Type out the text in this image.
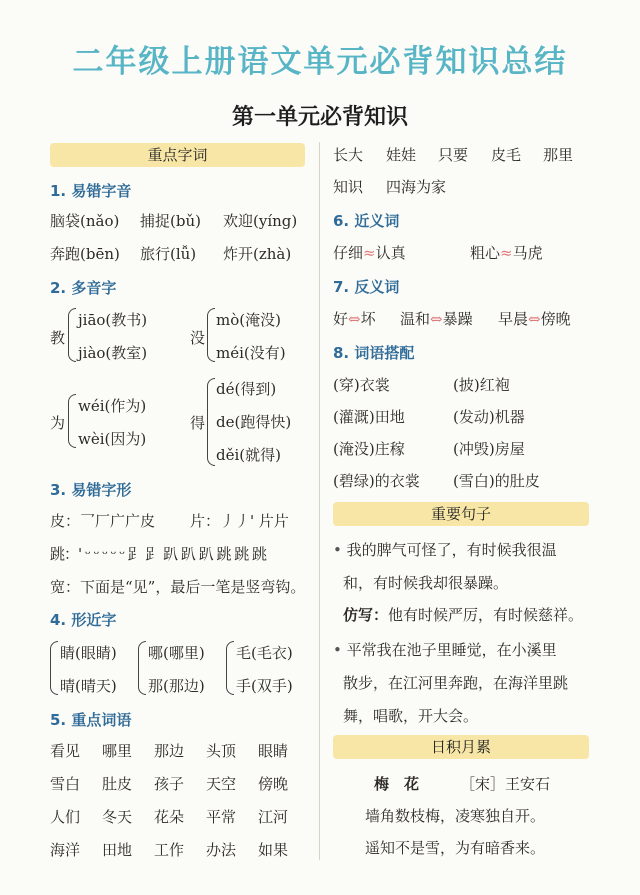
二年级上册语文单元必背知识总结
第一单元必背知识
重点字词
1. 易错字音
脑袋(nǎo) 捕捉(bǔ) 欢迎(yíng)
奔跑(bēn) 旅行(lǚ) 炸开(zhà)
2. 多音字
教
jiāo(教书)
jiào(教室)
没
mò(淹没)
méi(没有)
为
wéi(作为)
wèi(因为)
得
dé(得到)
de(跑得快)
děi(就得)
3. 易错字形
皮：乛厂广广皮 片：丿丿' 片片
跳：' ᵕ ᵕ ᵕ ᵕ ᵕ 𧾷 𧾷 趴 趴 趴 跳 跳 跳
宽：下面是“见”，最后一笔是竖弯钩。
4. 形近字
睛(眼睛)
晴(晴天)
哪(哪里)
那(那边)
毛(毛衣)
手(双手)
5. 重点词语
看见 哪里 那边 头顶 眼睛
雪白 肚皮 孩子 天空 傍晚
人们 冬天 花朵 平常 江河
海洋 田地 工作 办法 如果
长大 娃娃 只要 皮毛 那里
知识 四海为家
6. 近义词
仔细≈认真	粗心≈马虎
7. 反义词
好⇔坏 温和⇔暴躁 早晨⇔傍晚
8. 词语搭配
(穿)衣裳	(披)红袍
(灌溉)田地	(发动)机器
(淹没)庄稼	(冲毁)房屋
(碧绿)的衣裳 (雪白)的肚皮
重要句子
• 我的脾气可怪了，有时候我很温
和，有时候我却很暴躁。
仿写：他有时候严厉，有时候慈祥。
• 平常我在池子里睡觉，在小溪里
散步，在江河里奔跑，在海洋里跳
舞，唱歌，开大会。
日积月累
梅　花	［宋］王安石
墙角数枝梅，凌寒独自开。
遥知不是雪，为有暗香来。
